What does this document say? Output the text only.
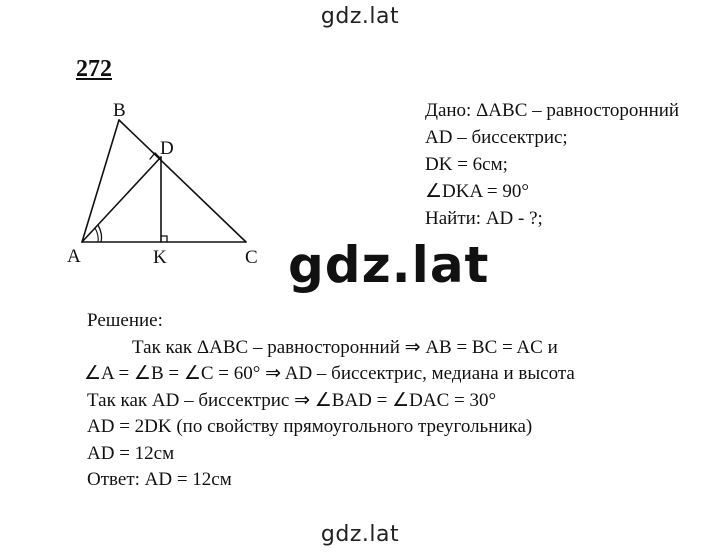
gdz.lat
272
B
D
A	K	C
Дано: ΔABC – равносторонний
AD – биссектрис;
DK = 6см;
∠DKA = 90°
Найти: AD - ?;
gdz.lat
Решение:
Так как ΔABC – равносторонний ⇒ AB = BC = AC и
∠A = ∠B = ∠C = 60° ⇒ AD – биссектрис, медиана и высота
Так как AD – биссектрис ⇒ ∠BAD = ∠DAC = 30°
AD = 2DK (по свойству прямоугольного треугольника)
AD = 12см
Ответ: AD = 12см
gdz.lat
